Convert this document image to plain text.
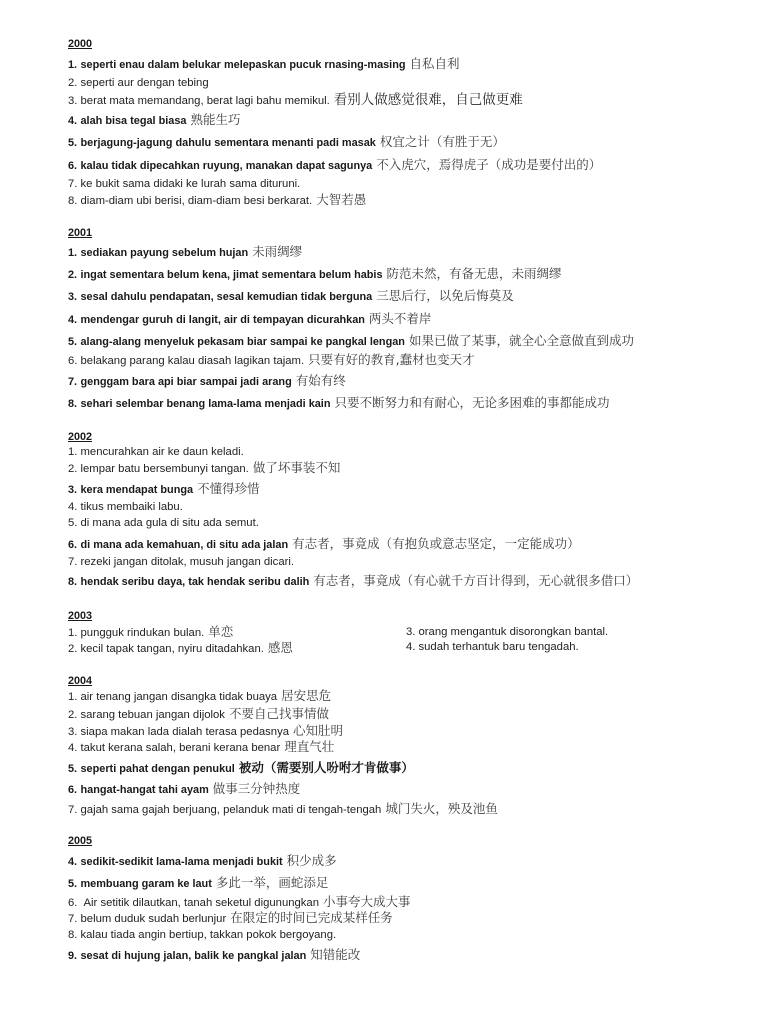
2000
1. seperti enau dalam belukar melepaskan pucuk rnasing-masing 自私自利
2. seperti aur dengan tebing
3. berat mata memandang, berat lagi bahu memikul. 看别人做感觉很难，自己做更难
4. alah bisa tegal biasa 熟能生巧
5. berjagung-jagung dahulu sementara menanti padi masak 权宜之计（有胜于无）
6. kalau tidak dipecahkan ruyung, manakan dapat sagunya 不入虎穴，焉得虎子（成功是要付出的）
7. ke bukit sama didaki ke lurah sama dituruni.
8. diam-diam ubi berisi, diam-diam besi berkarat. 大智若愚
2001
1. sediakan payung sebelum hujan 未雨绸缪
2. ingat sementara belum kena, jimat sementara belum habis 防范未然，有备无患，未雨绸缪
3. sesal dahulu pendapatan, sesal kemudian tidak berguna 三思后行，以免后悔莫及
4. mendengar guruh di langit, air di tempayan dicurahkan 两头不着岸
5. alang-alang menyeluk pekasam biar sampai ke pangkal lengan 如果已做了某事，就全心全意做直到成功
6. belakang parang kalau diasah lagikan tajam. 只要有好的教育,蠢材也变天才
7. genggam bara api biar sampai jadi arang 有始有终
8. sehari selembar benang lama-lama menjadi kain 只要不断努力和有耐心，无论多困难的事都能成功
2002
1. mencurahkan air ke daun keladi.
2. lempar batu bersembunyi tangan. 做了坏事装不知
3. kera mendapat bunga 不懂得珍惜
4. tikus membaiki labu.
5. di mana ada gula di situ ada semut.
6. di mana ada kemahuan, di situ ada jalan 有志者，事竟成（有抱负或意志坚定，一定能成功）
7. rezeki jangan ditolak, musuh jangan dicari.
8. hendak seribu daya, tak hendak seribu dalih 有志者，事竟成（有心就千方百计得到，无心就很多借口）
2003
1. pungguk rindukan bulan. 单恋
2. kecil tapak tangan, nyiru ditadahkan. 感恩
3. orang mengantuk disorongkan bantal.
4. sudah terhantuk baru tengadah.
2004
1. air tenang jangan disangka tidak buaya 居安思危
2. sarang tebuan jangan dijolok 不要自己找事情做
3. siapa makan lada dialah terasa pedasnya 心知肚明
4. takut kerana salah, berani kerana benar 理直气壮
5. seperti pahat dengan penukul 被动（需要别人吩咐才肯做事）
6. hangat-hangat tahi ayam 做事三分钟热度
7. gajah sama gajah berjuang, pelanduk mati di tengah-tengah 城门失火，殃及池鱼
2005
4. sedikit-sedikit lama-lama menjadi bukit 积少成多
5. membuang garam ke laut 多此一举，画蛇添足
6. Air setitik dilautkan, tanah seketul digunungkan 小事夸大成大事
7. belum duduk sudah berlunjur 在限定的时间已完成某样任务
8. kalau tiada angin bertiup, takkan pokok bergoyang.
9. sesat di hujung jalan, balik ke pangkal jalan 知错能改
